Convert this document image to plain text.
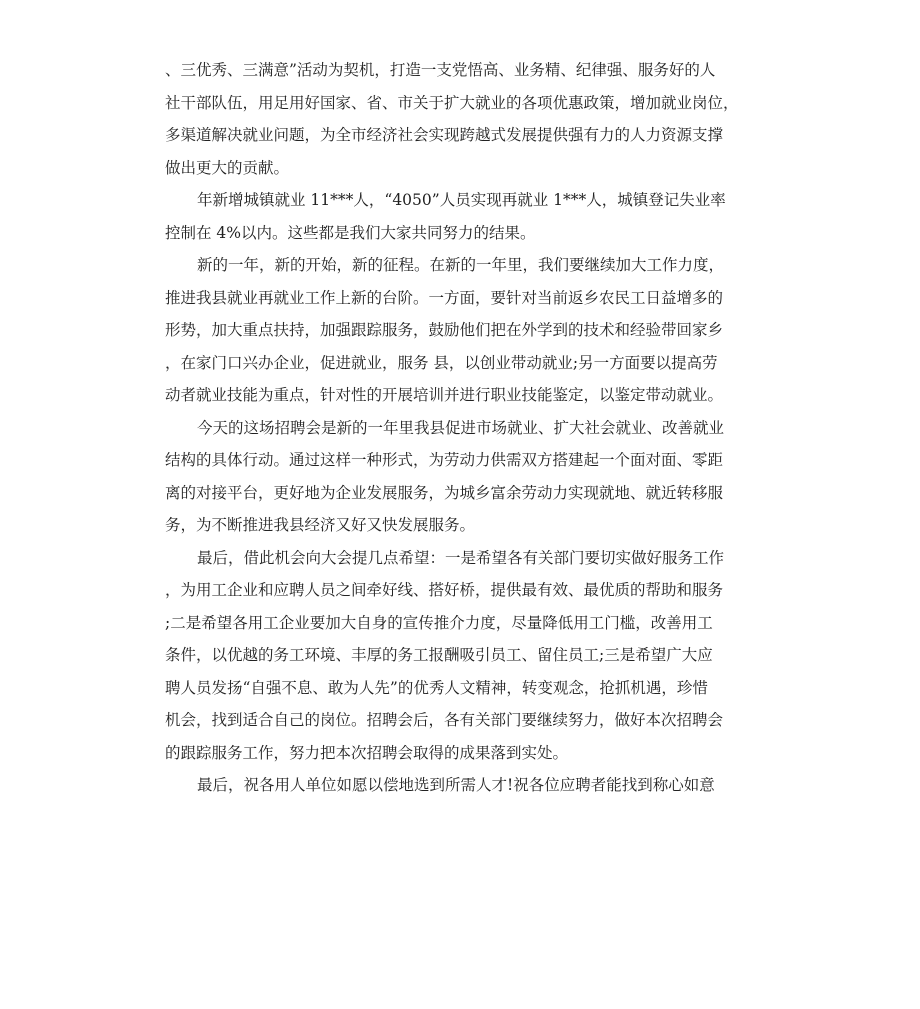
、三优秀、三满意”活动为契机，打造一支党悟高、业务精、纪律强、服务好的人
社干部队伍，用足用好国家、省、市关于扩大就业的各项优惠政策，增加就业岗位，
多渠道解决就业问题，为全市经济社会实现跨越式发展提供强有力的人力资源支撑
做出更大的贡献。
年新增城镇就业 11***人，“4050”人员实现再就业 1***人，城镇登记失业率
控制在 4%以内。这些都是我们大家共同努力的结果。
新的一年，新的开始，新的征程。在新的一年里，我们要继续加大工作力度，
推进我县就业再就业工作上新的台阶。一方面，要针对当前返乡农民工日益增多的
形势，加大重点扶持，加强跟踪服务，鼓励他们把在外学到的技术和经验带回家乡
，在家门口兴办企业，促进就业，服务 县，以创业带动就业;另一方面要以提高劳
动者就业技能为重点，针对性的开展培训并进行职业技能鉴定，以鉴定带动就业。
今天的这场招聘会是新的一年里我县促进市场就业、扩大社会就业、改善就业
结构的具体行动。通过这样一种形式，为劳动力供需双方搭建起一个面对面、零距
离的对接平台，更好地为企业发展服务，为城乡富余劳动力实现就地、就近转移服
务，为不断推进我县经济又好又快发展服务。
最后，借此机会向大会提几点希望：一是希望各有关部门要切实做好服务工作
，为用工企业和应聘人员之间牵好线、搭好桥，提供最有效、最优质的帮助和服务
;二是希望各用工企业要加大自身的宣传推介力度，尽量降低用工门槛，改善用工
条件，以优越的务工环境、丰厚的务工报酬吸引员工、留住员工;三是希望广大应
聘人员发扬“自强不息、敢为人先”的优秀人文精神，转变观念，抢抓机遇，珍惜
机会，找到适合自己的岗位。招聘会后，各有关部门要继续努力，做好本次招聘会
的跟踪服务工作，努力把本次招聘会取得的成果落到实处。
最后，祝各用人单位如愿以偿地选到所需人才!祝各位应聘者能找到称心如意
